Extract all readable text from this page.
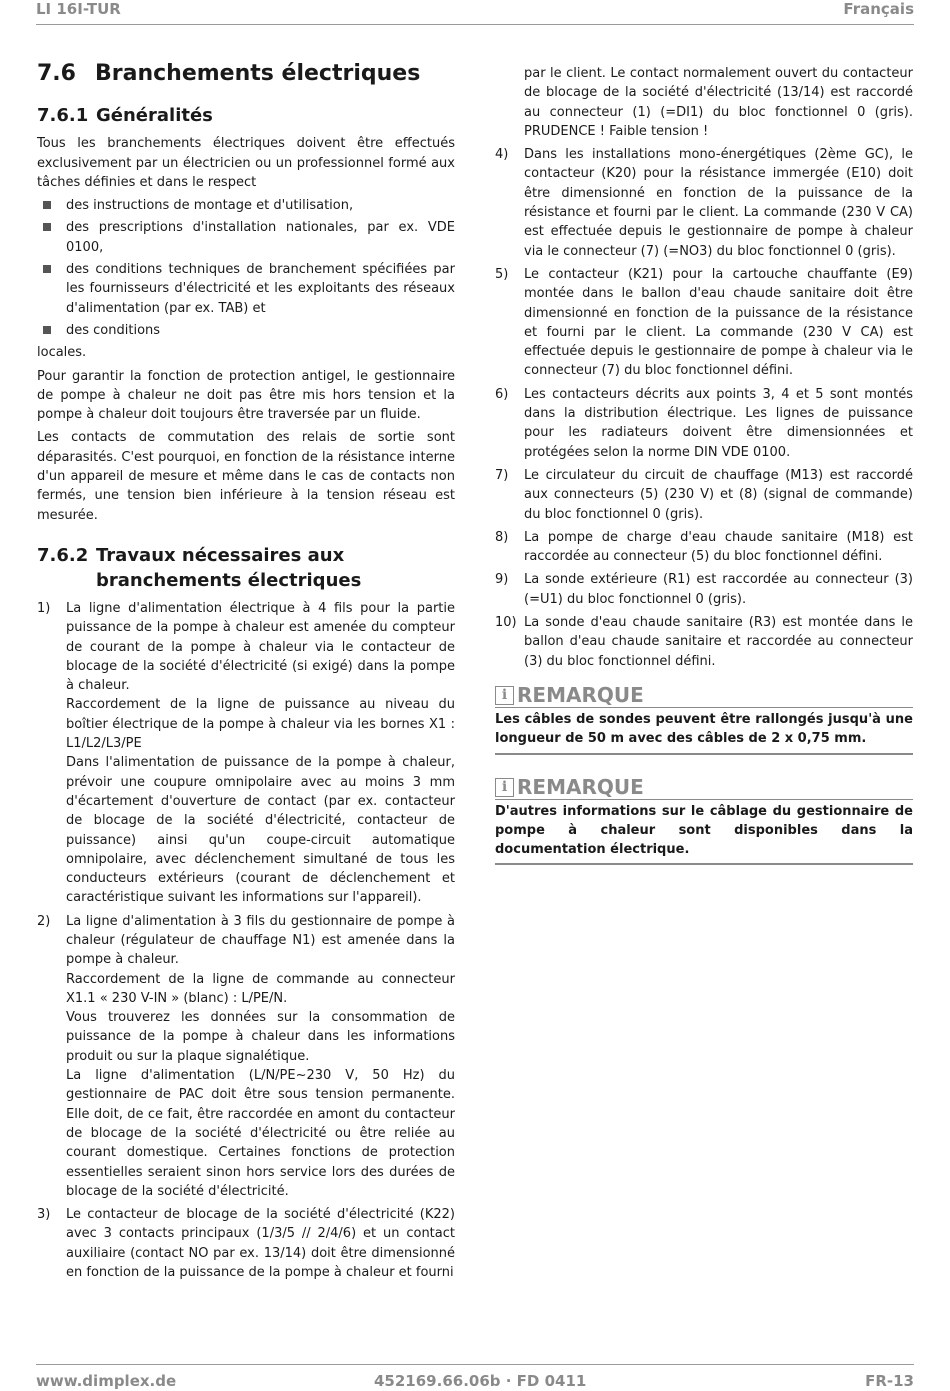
LI 16I-TUR	Français
7.6 Branchements électriques
7.6.1 Généralités

Tous les branchements électriques doivent être effectués exclusivement par un électricien ou un professionnel formé aux tâches définies et dans le respect

des instructions de montage et d'utilisation,
des prescriptions d'installation nationales, par ex. VDE 0100,
des conditions techniques de branchement spécifiées par les fournisseurs d'électricité et les exploitants des réseaux d'alimentation (par ex. TAB) et
des conditions

locales.

Pour garantir la fonction de protection antigel, le gestionnaire de pompe à chaleur ne doit pas être mis hors tension et la pompe à chaleur doit toujours être traversée par un fluide.

Les contacts de commutation des relais de sortie sont déparasités. C'est pourquoi, en fonction de la résistance interne d'un appareil de mesure et même dans le cas de contacts non fermés, une tension bien inférieure à la tension réseau est mesurée.

7.6.2 Travaux nécessaires aux branchements électriques
1) La ligne d'alimentation électrique à 4 fils pour la partie puissance de la pompe à chaleur est amenée du compteur de courant de la pompe à chaleur via le contacteur de blocage de la société d'électricité (si exigé) dans la pompe à chaleur.
Raccordement de la ligne de puissance au niveau du boîtier électrique de la pompe à chaleur via les bornes X1 : L1/L2/L3/PE
Dans l'alimentation de puissance de la pompe à chaleur, prévoir une coupure omnipolaire avec au moins 3 mm d'écartement d'ouverture de contact (par ex. contacteur de blocage de la société d'électricité, contacteur de puissance) ainsi qu'un coupe-circuit automatique omnipolaire, avec déclenchement simultané de tous les conducteurs extérieurs (courant de déclenchement et caractéristique suivant les informations sur l'appareil).
2) La ligne d'alimentation à 3 fils du gestionnaire de pompe à chaleur (régulateur de chauffage N1) est amenée dans la pompe à chaleur.
Raccordement de la ligne de commande au connecteur X1.1 « 230 V-IN » (blanc) : L/PE/N.
Vous trouverez les données sur la consommation de puissance de la pompe à chaleur dans les informations produit ou sur la plaque signalétique.
La ligne d'alimentation (L/N/PE~230 V, 50 Hz) du gestionnaire de PAC doit être sous tension permanente. Elle doit, de ce fait, être raccordée en amont du contacteur de blocage de la société d'électricité ou être reliée au courant domestique. Certaines fonctions de protection essentielles seraient sinon hors service lors des durées de blocage de la société d'électricité.
3) Le contacteur de blocage de la société d'électricité (K22) avec 3 contacts principaux (1/3/5 // 2/4/6) et un contact auxiliaire (contact NO par ex. 13/14) doit être dimensionné en fonction de la puissance de la pompe à chaleur et fourni

par le client. Le contact normalement ouvert du contacteur de blocage de la société d'électricité (13/14) est raccordé au connecteur (1) (=DI1) du bloc fonctionnel 0 (gris). PRUDENCE ! Faible tension !

4) Dans les installations mono-énergétiques (2ème GC), le contacteur (K20) pour la résistance immergée (E10) doit être dimensionné en fonction de la puissance de la résistance et fourni par le client. La commande (230 V CA) est effectuée depuis le gestionnaire de pompe à chaleur via le connecteur (7) (=NO3) du bloc fonctionnel 0 (gris).
5) Le contacteur (K21) pour la cartouche chauffante (E9) montée dans le ballon d'eau chaude sanitaire doit être dimensionné en fonction de la puissance de la résistance et fourni par le client. La commande (230 V CA) est effectuée depuis le gestionnaire de pompe à chaleur via le connecteur (7) du bloc fonctionnel défini.
6) Les contacteurs décrits aux points 3, 4 et 5 sont montés dans la distribution électrique. Les lignes de puissance pour les radiateurs doivent être dimensionnées et protégées selon la norme DIN VDE 0100.
7) Le circulateur du circuit de chauffage (M13) est raccordé aux connecteurs (5) (230 V) et (8) (signal de commande) du bloc fonctionnel 0 (gris).
8) La pompe de charge d'eau chaude sanitaire (M18) est raccordée au connecteur (5) du bloc fonctionnel défini.
9) La sonde extérieure (R1) est raccordée au connecteur (3) (=U1) du bloc fonctionnel 0 (gris).
10) La sonde d'eau chaude sanitaire (R3) est montée dans le ballon d'eau chaude sanitaire et raccordée au connecteur (3) du bloc fonctionnel défini.
i REMARQUE

Les câbles de sondes peuvent être rallongés jusqu'à une longueur de 50 m avec des câbles de 2 x 0,75 mm.

i REMARQUE

D'autres informations sur le câblage du gestionnaire de pompe à chaleur sont disponibles dans la documentation électrique.

www.dimplex.de	452169.66.06b · FD 0411	FR-13
